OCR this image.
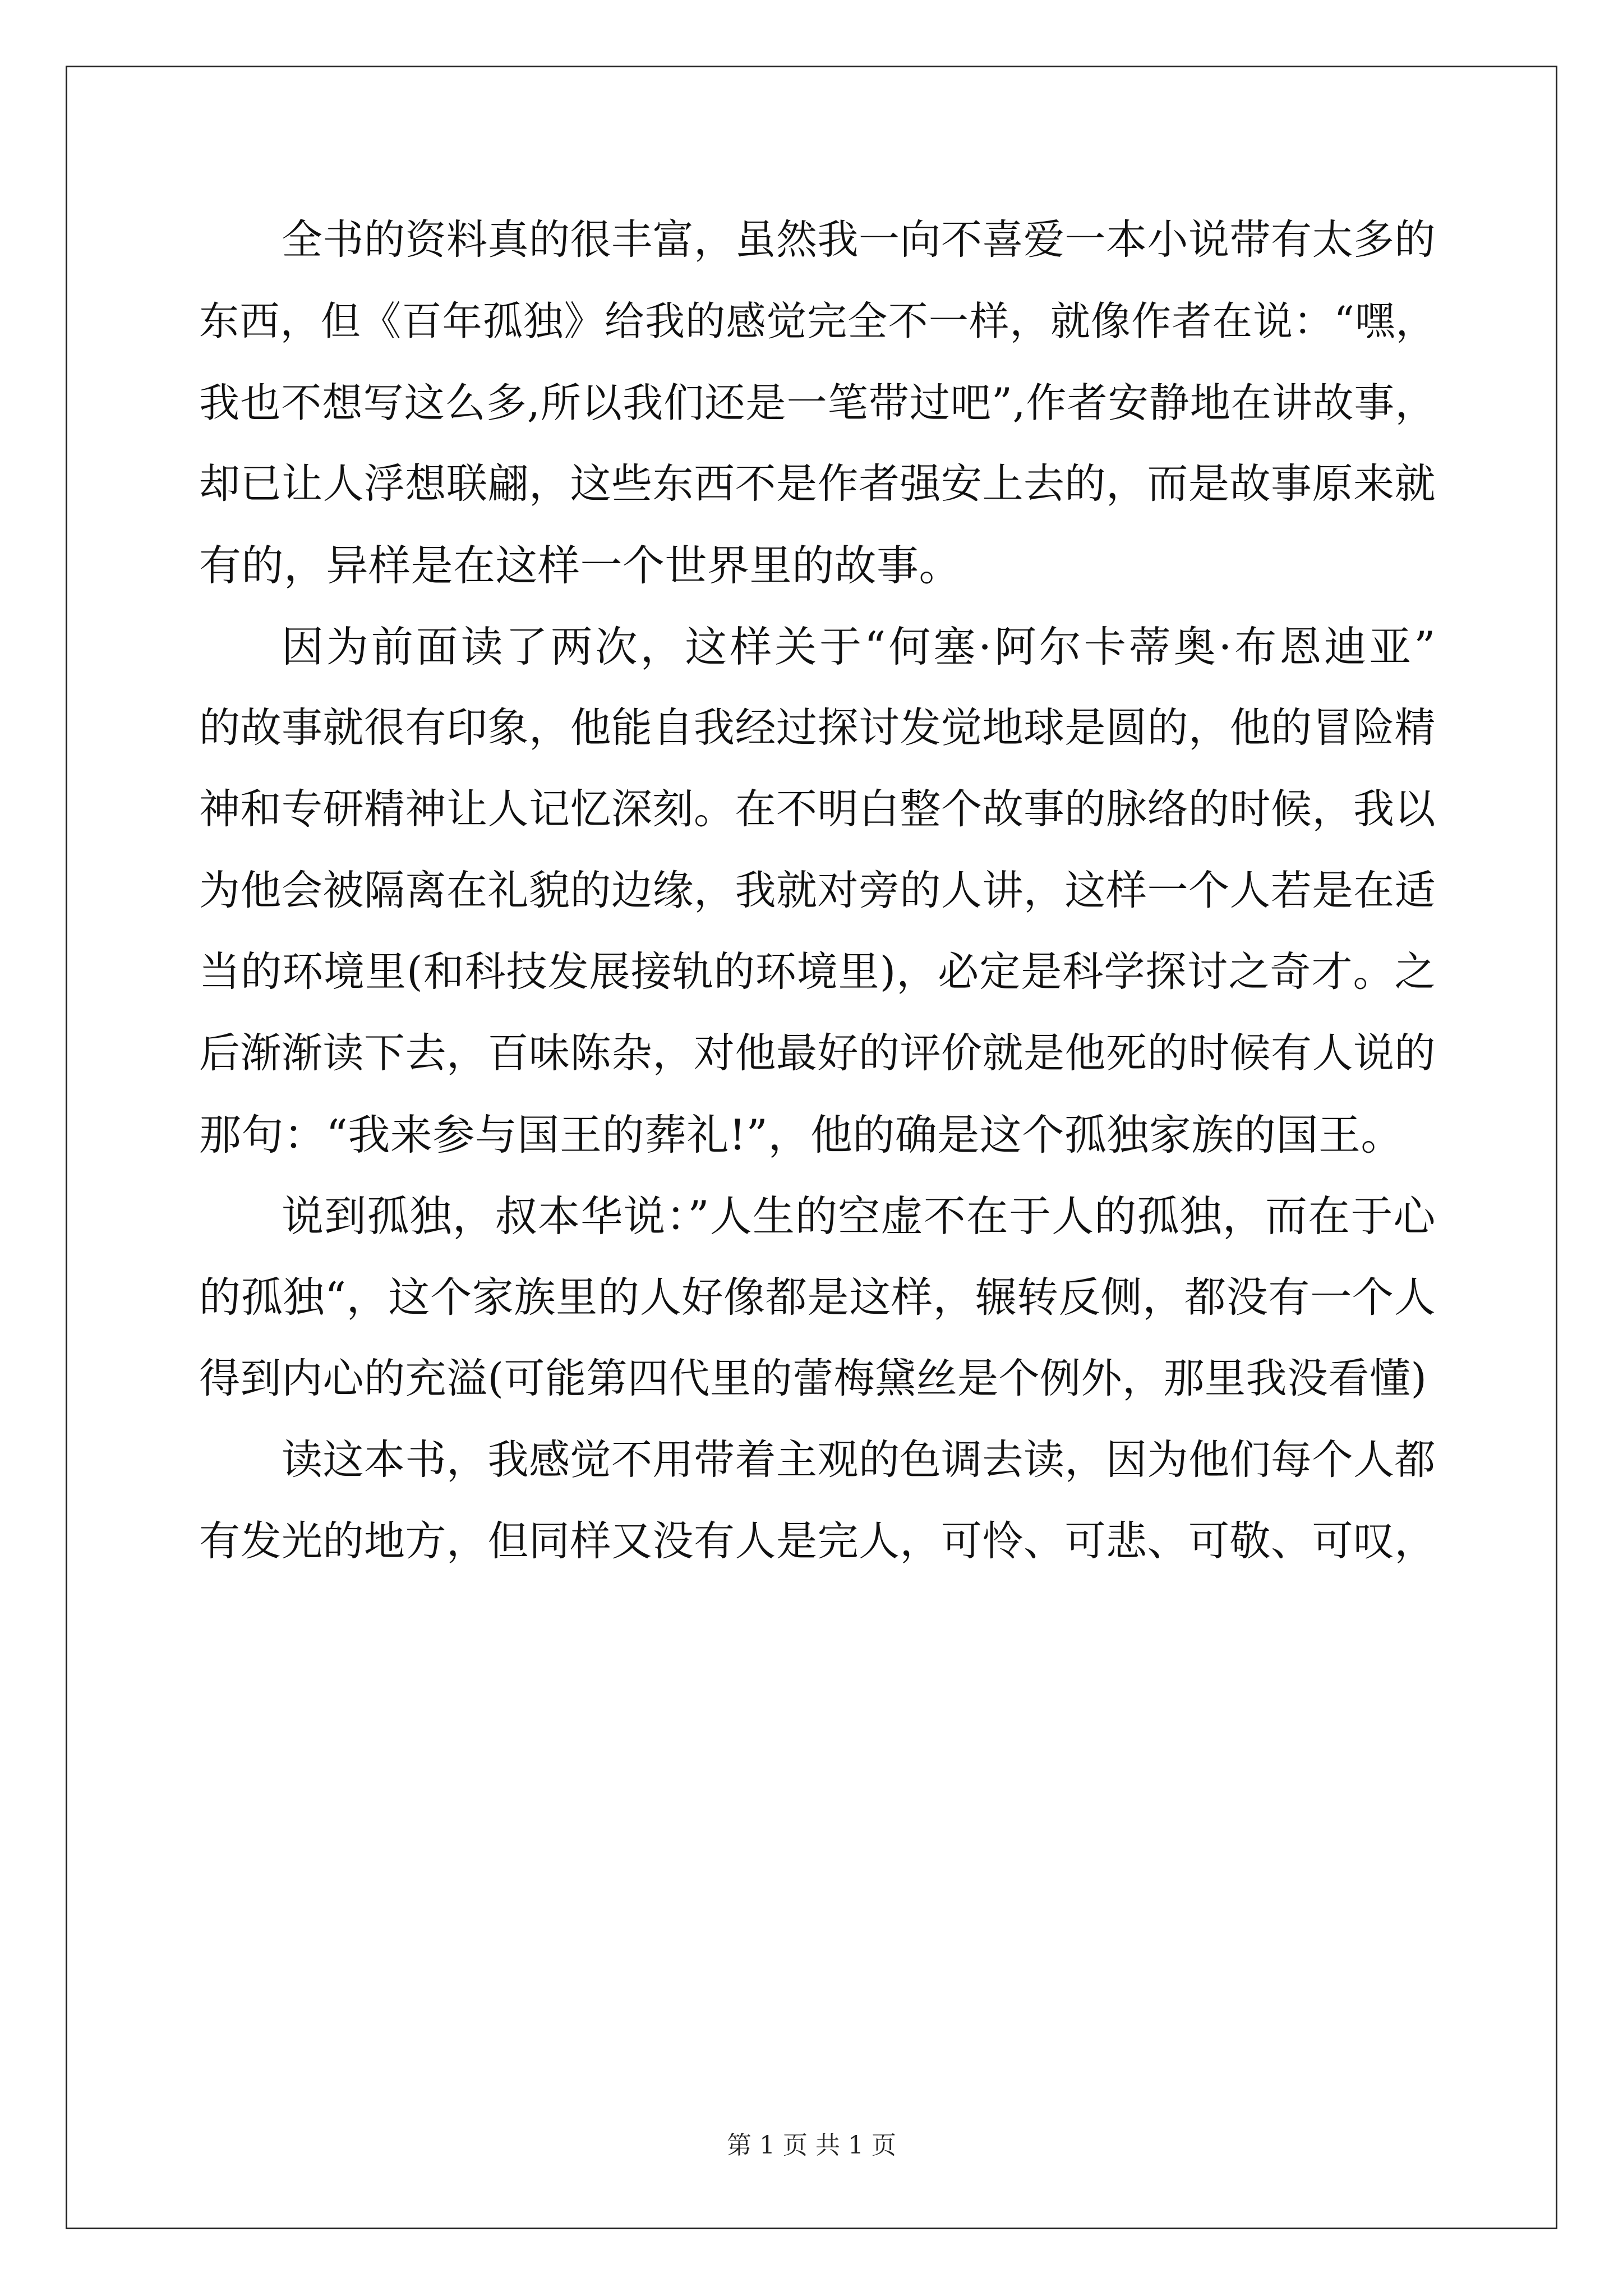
全书的资料真的很丰富，虽然我一向不喜爱一本小说带有太多的
东西，但《百年孤独》给我的感觉完全不一样，就像作者在说：“嘿，
我也不想写这么多,所以我们还是一笔带过吧”,作者安静地在讲故事，
却已让人浮想联翩，这些东西不是作者强安上去的，而是故事原来就
有的，异样是在这样一个世界里的故事。
因为前面读了两次，这样关于“何塞·阿尔卡蒂奥·布恩迪亚”
的故事就很有印象，他能自我经过探讨发觉地球是圆的，他的冒险精
神和专研精神让人记忆深刻。在不明白整个故事的脉络的时候，我以
为他会被隔离在礼貌的边缘，我就对旁的人讲，这样一个人若是在适
当的环境里(和科技发展接轨的环境里)，必定是科学探讨之奇才。之
后渐渐读下去，百味陈杂，对他最好的评价就是他死的时候有人说的
那句：“我来参与国王的葬礼!”，他的确是这个孤独家族的国王。
说到孤独，叔本华说：”人生的空虚不在于人的孤独，而在于心
的孤独“，这个家族里的人好像都是这样，辗转反侧，都没有一个人
得到内心的充溢(可能第四代里的蕾梅黛丝是个例外，那里我没看懂)
读这本书，我感觉不用带着主观的色调去读，因为他们每个人都
有发光的地方，但同样又没有人是完人，可怜、可悲、可敬、可叹，
第 1 页 共 1 页
